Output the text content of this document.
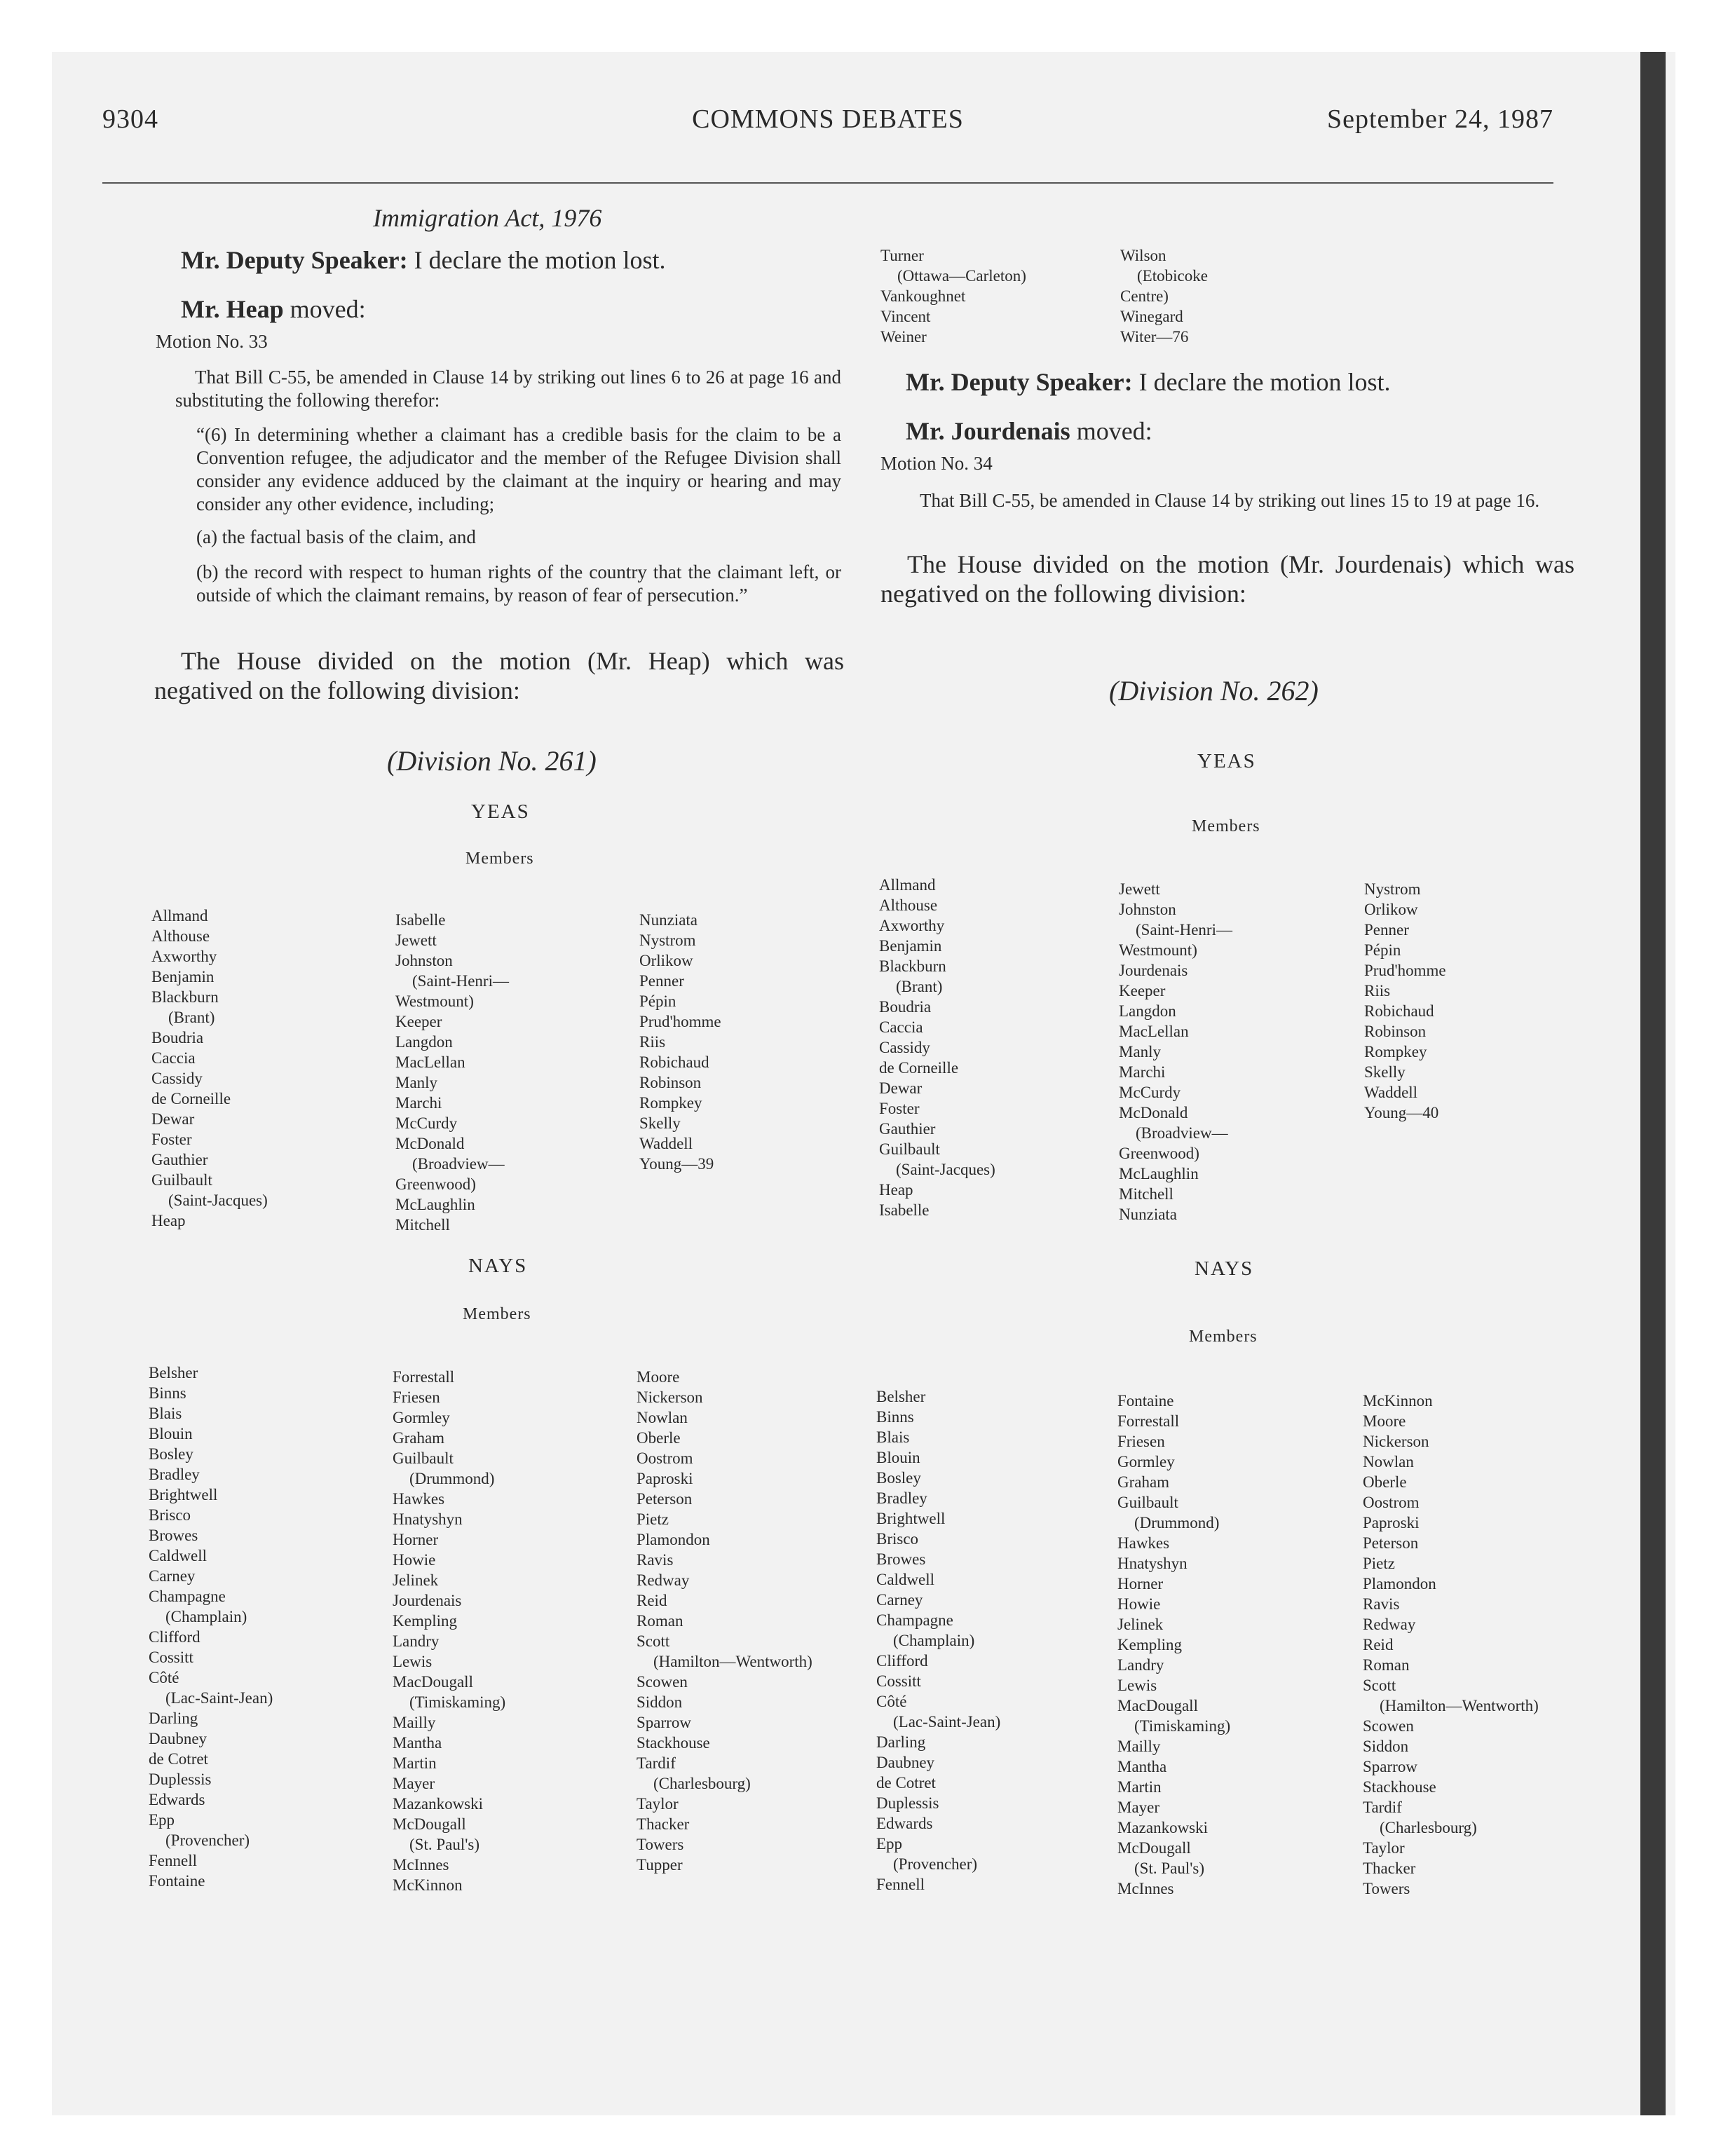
9304	COMMONS DEBATES	September 24, 1987
Immigration Act, 1976
Mr. Deputy Speaker: I declare the motion lost.
Mr. Heap moved:
Motion No. 33
That Bill C-55, be amended in Clause 14 by striking out lines 6 to 26 at page 16 and substituting the following therefor:
“(6) In determining whether a claimant has a credible basis for the claim to be a Convention refugee, the adjudicator and the member of the Refugee Division shall consider any evidence adduced by the claimant at the inquiry or hearing and may consider any other evidence, including;
(a) the factual basis of the claim, and
(b) the record with respect to human rights of the country that the claimant left, or outside of which the claimant remains, by reason of fear of persecution.”
The House divided on the motion (Mr. Heap) which was negatived on the following division:
(Division No. 261)
YEAS
Members
Allmand
Althouse
Axworthy
Benjamin
Blackburn
(Brant)
Boudria
Caccia
Cassidy
de Corneille
Dewar
Foster
Gauthier
Guilbault
(Saint-Jacques)
Heap
Isabelle
Jewett
Johnston
(Saint-Henri—
Westmount)
Keeper
Langdon
MacLellan
Manly
Marchi
McCurdy
McDonald
(Broadview—
Greenwood)
McLaughlin
Mitchell
Nunziata
Nystrom
Orlikow
Penner
Pépin
Prud'homme
Riis
Robichaud
Robinson
Rompkey
Skelly
Waddell
Young—39
NAYS
Members
Belsher
Binns
Blais
Blouin
Bosley
Bradley
Brightwell
Brisco
Browes
Caldwell
Carney
Champagne
(Champlain)
Clifford
Cossitt
Côté
(Lac-Saint-Jean)
Darling
Daubney
de Cotret
Duplessis
Edwards
Epp
(Provencher)
Fennell
Fontaine
Forrestall
Friesen
Gormley
Graham
Guilbault
(Drummond)
Hawkes
Hnatyshyn
Horner
Howie
Jelinek
Jourdenais
Kempling
Landry
Lewis
MacDougall
(Timiskaming)
Mailly
Mantha
Martin
Mayer
Mazankowski
McDougall
(St. Paul's)
McInnes
McKinnon
Moore
Nickerson
Nowlan
Oberle
Oostrom
Paproski
Peterson
Pietz
Plamondon
Ravis
Redway
Reid
Roman
Scott
(Hamilton—Wentworth)
Scowen
Siddon
Sparrow
Stackhouse
Tardif
(Charlesbourg)
Taylor
Thacker
Towers
Tupper
Turner
(Ottawa—Carleton)
Vankoughnet
Vincent
Weiner
Wilson
(Etobicoke
Centre)
Winegard
Witer—76
Mr. Deputy Speaker: I declare the motion lost.
Mr. Jourdenais moved:
Motion No. 34
That Bill C-55, be amended in Clause 14 by striking out lines 15 to 19 at page 16.
The House divided on the motion (Mr. Jourdenais) which was negatived on the following division:
(Division No. 262)
YEAS
Members
Allmand
Althouse
Axworthy
Benjamin
Blackburn
(Brant)
Boudria
Caccia
Cassidy
de Corneille
Dewar
Foster
Gauthier
Guilbault
(Saint-Jacques)
Heap
Isabelle
Jewett
Johnston
(Saint-Henri—
Westmount)
Jourdenais
Keeper
Langdon
MacLellan
Manly
Marchi
McCurdy
McDonald
(Broadview—
Greenwood)
McLaughlin
Mitchell
Nunziata
Nystrom
Orlikow
Penner
Pépin
Prud'homme
Riis
Robichaud
Robinson
Rompkey
Skelly
Waddell
Young—40
NAYS
Members
Belsher
Binns
Blais
Blouin
Bosley
Bradley
Brightwell
Brisco
Browes
Caldwell
Carney
Champagne
(Champlain)
Clifford
Cossitt
Côté
(Lac-Saint-Jean)
Darling
Daubney
de Cotret
Duplessis
Edwards
Epp
(Provencher)
Fennell
Fontaine
Forrestall
Friesen
Gormley
Graham
Guilbault
(Drummond)
Hawkes
Hnatyshyn
Horner
Howie
Jelinek
Kempling
Landry
Lewis
MacDougall
(Timiskaming)
Mailly
Mantha
Martin
Mayer
Mazankowski
McDougall
(St. Paul's)
McInnes
McKinnon
Moore
Nickerson
Nowlan
Oberle
Oostrom
Paproski
Peterson
Pietz
Plamondon
Ravis
Redway
Reid
Roman
Scott
(Hamilton—Wentworth)
Scowen
Siddon
Sparrow
Stackhouse
Tardif
(Charlesbourg)
Taylor
Thacker
Towers
